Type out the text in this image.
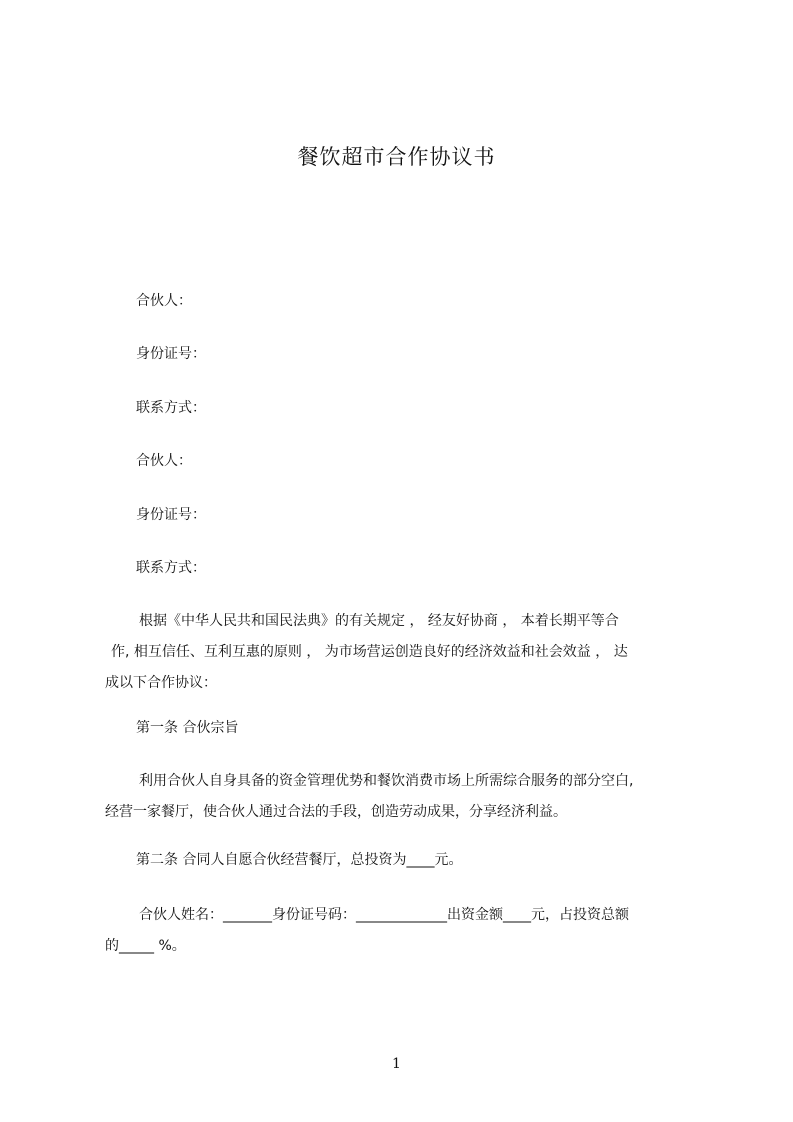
餐饮超市合作协议书
合伙人：
身份证号：
联系方式：
合伙人：
身份证号：
联系方式：
根据《中华人民共和国民法典》的有关规定 ， 经友好协商 ， 本着长期平等合
作, 相互信任、互利互惠的原则 ， 为市场营运创造良好的经济效益和社会效益 ， 达
成以下合作协议：
第一条 合伙宗旨
利用合伙人自身具备的资金管理优势和餐饮消费市场上所需综合服务的部分空白,
经营一家餐厅，使合伙人通过合法的手段，创造劳动成果，分享经济利益。
第二条 合同人自愿合伙经营餐厅，总投资为____元。
合伙人姓名：_______身份证号码：_____________出资金额____元，占投资总额
的_____ %。
1
